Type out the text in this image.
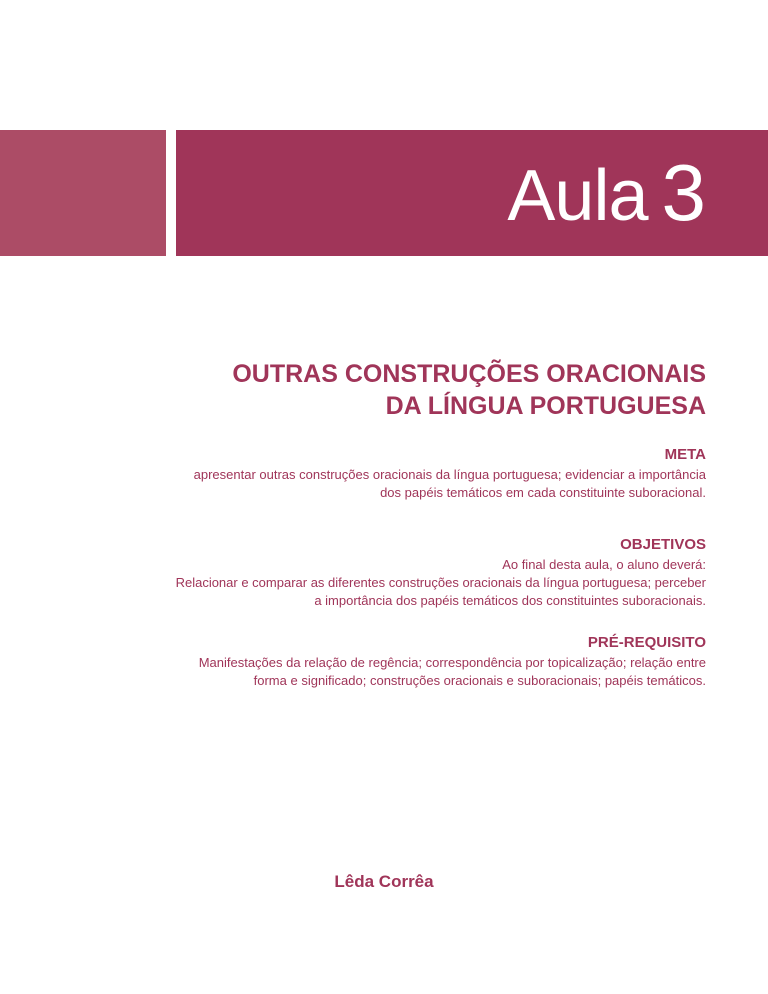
Aula 3
OUTRAS CONSTRUÇÕES ORACIONAIS
DA LÍNGUA PORTUGUESA

META

apresentar outras construções oracionais da língua portuguesa; evidenciar a importância
dos papéis temáticos em cada constituinte suboracional.

OBJETIVOS

Ao final desta aula, o aluno deverá:
Relacionar e comparar as diferentes construções oracionais da língua portuguesa; perceber
a importância dos papéis temáticos dos constituintes suboracionais.

PRÉ-REQUISITO

Manifestações da relação de regência; correspondência por topicalização; relação entre
forma e significado; construções oracionais e suboracionais; papéis temáticos.

Lêda Corrêa
